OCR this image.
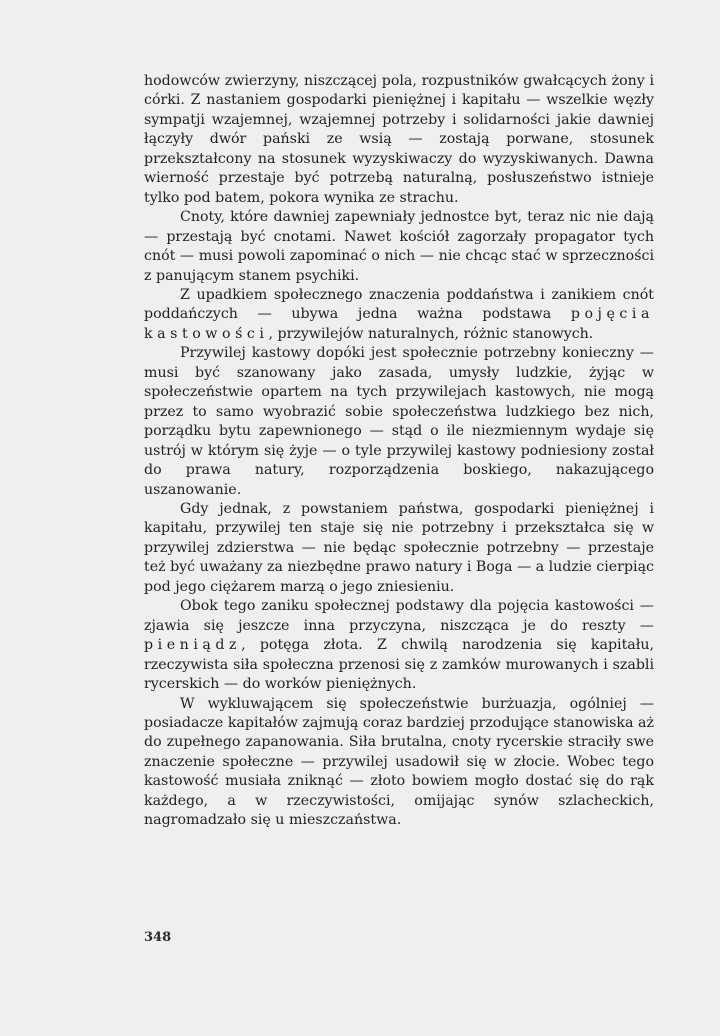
hodowców zwierzyny, niszczącej pola, rozpustników gwałcących żony i córki. Z nastaniem gospodarki pieniężnej i kapitału — wszelkie węzły sympatji wzajemnej, wzajemnej potrzeby i solidarności jakie dawniej łączyły dwór pański ze wsią — zostają porwane, stosunek przekształcony na stosunek wyzyskiwaczy do wyzyskiwanych. Dawna wierność przestaje być potrzebą naturalną, posłuszeństwo istnieje tylko pod batem, pokora wynika ze strachu.

Cnoty, które dawniej zapewniały jednostce byt, teraz nic nie dają — przestają być cnotami. Nawet kościół zagorzały propagator tych cnót — musi powoli zapominać o nich — nie chcąc stać w sprzeczności z panującym stanem psychiki.

Z upadkiem społecznego znaczenia poddaństwa i zanikiem cnót poddańczych — ubywa jedna ważna podstawa pojęcia kastowości, przywilejów naturalnych, różnic stanowych.

Przywilej kastowy dopóki jest społecznie potrzebny konieczny — musi być szanowany jako zasada, umysły ludzkie, żyjąc w społeczeństwie opartem na tych przywilejach kastowych, nie mogą przez to samo wyobrazić sobie społeczeństwa ludzkiego bez nich, porządku bytu zapewnionego — stąd o ile niezmiennym wydaje się ustrój w którym się żyje — o tyle przywilej kastowy podniesiony został do prawa natury, rozporządzenia boskiego, nakazującego uszanowanie.

Gdy jednak, z powstaniem państwa, gospodarki pieniężnej i kapitału, przywilej ten staje się nie potrzebny i przekształca się w przywilej zdzierstwa — nie będąc społecznie potrzebny — przestaje też być uważany za niezbędne prawo natury i Boga — a ludzie cierpiąc pod jego ciężarem marzą o jego zniesieniu.

Obok tego zaniku społecznej podstawy dla pojęcia kastowości — zjawia się jeszcze inna przyczyna, niszcząca je do reszty — pieniądz, potęga złota. Z chwilą narodzenia się kapitału, rzeczywista siła społeczna przenosi się z zamków murowanych i szabli rycerskich — do worków pieniężnych.

W wykluwającem się społeczeństwie burżuazja, ogólniej — posiadacze kapitałów zajmują coraz bardziej przodujące stanowiska aż do zupełnego zapanowania. Siła brutalna, cnoty rycerskie straciły swe znaczenie społeczne — przywilej usadowił się w złocie. Wobec tego kastowość musiała zniknąć — złoto bowiem mogło dostać się do rąk każdego, a w rzeczywistości, omijając synów szlacheckich, nagromadzało się u mieszczaństwa.

348
